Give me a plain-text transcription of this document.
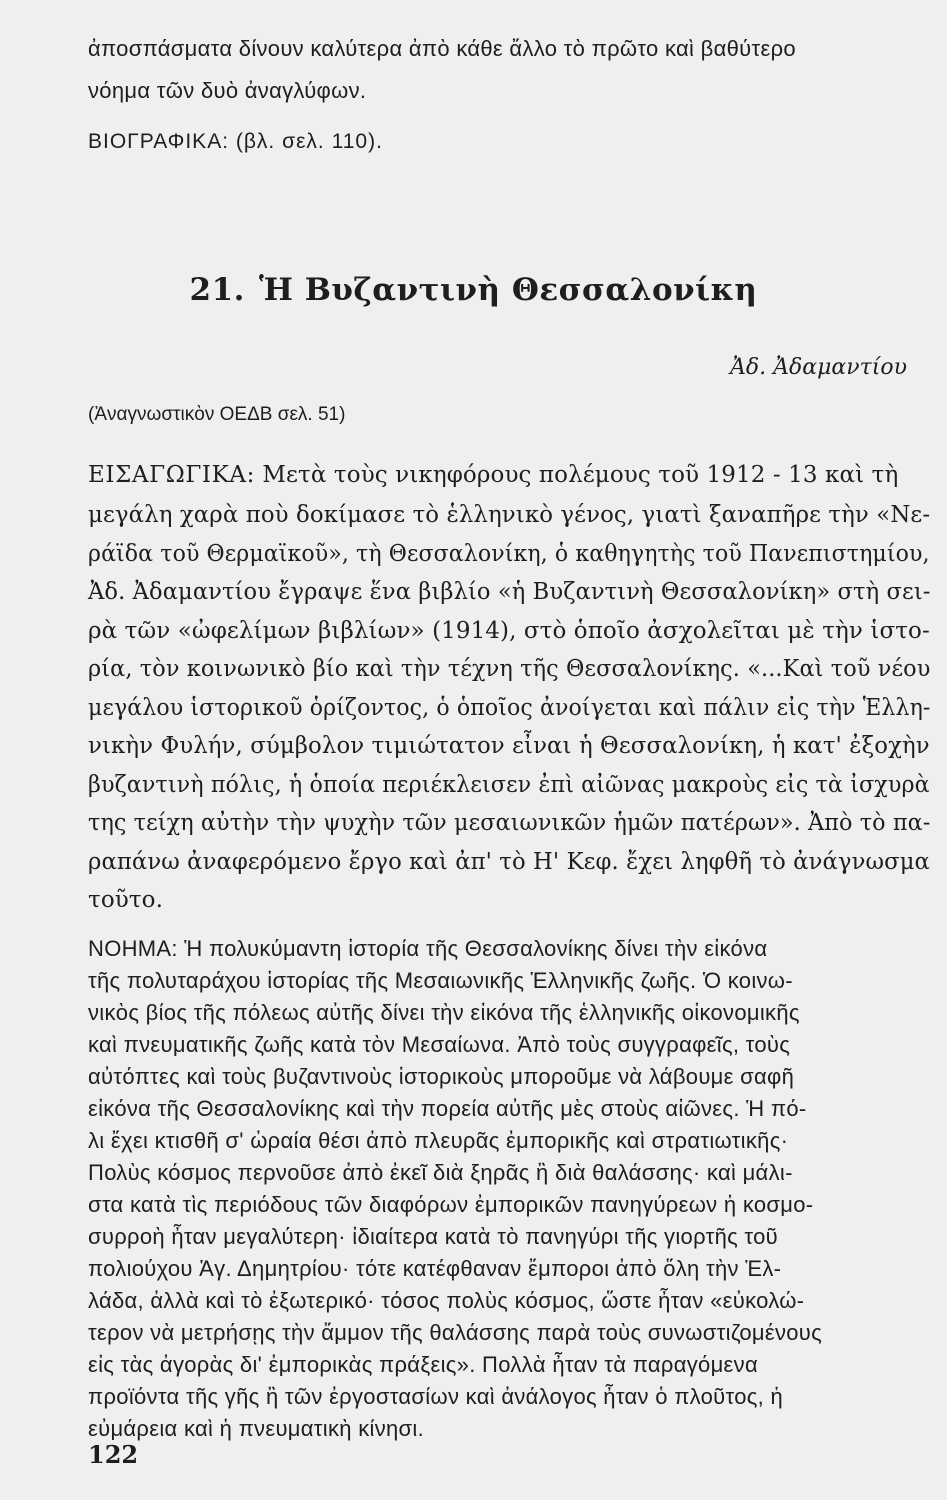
ἀποσπάσματα δίνουν καλύτερα ἀπὸ κάθε ἄλλο τὸ πρῶτο καὶ βαθύτερο
νόημα τῶν δυὸ ἀναγλύφων.
ΒΙΟΓΡΑΦΙΚΑ: (βλ. σελ. 110).
21. Ἡ Βυζαντινὴ Θεσσαλονίκη
Ἀδ. Ἀδαμαντίου
(Ἀναγνωστικὸν ΟΕΔΒ σελ. 51)
ΕΙΣΑΓΩΓΙΚΑ: Μετὰ τοὺς νικηφόρους πολέμους τοῦ 1912 - 13 καὶ τὴ
μεγάλη χαρὰ ποὺ δοκίμασε τὸ ἑλληνικὸ γένος, γιατὶ ξαναπῆρε τὴν «Νε-
ράϊδα τοῦ Θερμαϊκοῦ», τὴ Θεσσαλονίκη, ὁ καθηγητὴς τοῦ Πανεπιστημίου,
Ἀδ. Ἀδαμαντίου ἔγραψε ἕνα βιβλίο «ἡ Βυζαντινὴ Θεσσαλονίκη» στὴ σει-
ρὰ τῶν «ὠφελίμων βιβλίων» (1914), στὸ ὁποῖο ἀσχολεῖται μὲ τὴν ἱστο-
ρία, τὸν κοινωνικὸ βίο καὶ τὴν τέχνη τῆς Θεσσαλονίκης. «...Καὶ τοῦ νέου
μεγάλου ἱστορικοῦ ὁρίζοντος, ὁ ὁποῖος ἀνοίγεται καὶ πάλιν εἰς τὴν Ἑλλη-
νικὴν Φυλήν, σύμβολον τιμιώτατον εἶναι ἡ Θεσσαλονίκη, ἡ κατ' ἐξοχὴν
βυζαντινὴ πόλις, ἡ ὁποία περιέκλεισεν ἐπὶ αἰῶνας μακροὺς εἰς τὰ ἰσχυρὰ
της τείχη αὐτὴν τὴν ψυχὴν τῶν μεσαιωνικῶν ἡμῶν πατέρων». Ἀπὸ τὸ πα-
ραπάνω ἀναφερόμενο ἔργο καὶ ἀπ' τὸ Η' Κεφ. ἔχει ληφθῆ τὸ ἀνάγνωσμα
τοῦτο.
ΝΟΗΜΑ: Ἡ πολυκύμαντη ἱστορία τῆς Θεσσαλονίκης δίνει τὴν εἰκόνα
τῆς πολυταράχου ἱστορίας τῆς Μεσαιωνικῆς Ἑλληνικῆς ζωῆς. Ὁ κοινω-
νικὸς βίος τῆς πόλεως αὐτῆς δίνει τὴν εἰκόνα τῆς ἑλληνικῆς οἰκονομικῆς
καὶ πνευματικῆς ζωῆς κατὰ τὸν Μεσαίωνα. Ἀπὸ τοὺς συγγραφεῖς, τοὺς
αὐτόπτες καὶ τοὺς βυζαντινοὺς ἱστορικοὺς μποροῦμε νὰ λάβουμε σαφῆ
εἰκόνα τῆς Θεσσαλονίκης καὶ τὴν πορεία αὐτῆς μὲς στοὺς αἰῶνες. Ἡ πό-
λι ἔχει κτισθῆ σ' ὡραία θέσι ἀπὸ πλευρᾶς ἐμπορικῆς καὶ στρατιωτικῆς·
Πολὺς κόσμος περνοῦσε ἀπὸ ἐκεῖ διὰ ξηρᾶς ἢ διὰ θαλάσσης· καὶ μάλι-
στα κατὰ τὶς περιόδους τῶν διαφόρων ἐμπορικῶν πανηγύρεων ἡ κοσμο-
συρροὴ ἦταν μεγαλύτερη· ἰδιαίτερα κατὰ τὸ πανηγύρι τῆς γιορτῆς τοῦ
πολιούχου Ἁγ. Δημητρίου· τότε κατέφθαναν ἔμποροι ἀπὸ ὅλη τὴν Ἑλ-
λάδα, ἀλλὰ καὶ τὸ ἐξωτερικό· τόσος πολὺς κόσμος, ὥστε ἦταν «εὐκολώ-
τερον νὰ μετρήσῃς τὴν ἄμμον τῆς θαλάσσης παρὰ τοὺς συνωστιζομένους
εἰς τὰς ἀγορὰς δι' ἐμπορικὰς πράξεις». Πολλὰ ἦταν τὰ παραγόμενα
προϊόντα τῆς γῆς ἢ τῶν ἐργοστασίων καὶ ἀνάλογος ἦταν ὁ πλοῦτος, ἡ
εὐμάρεια καὶ ἡ πνευματικὴ κίνησι.
122
